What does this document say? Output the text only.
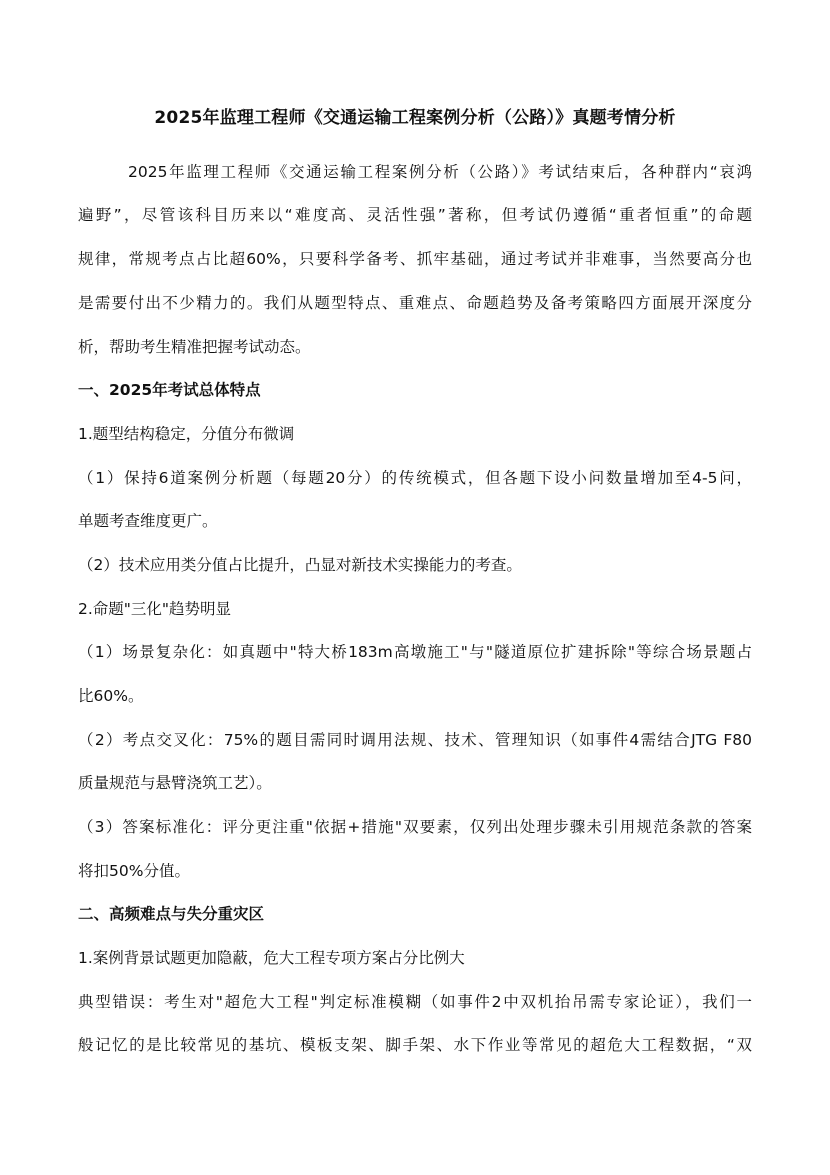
2025年监理工程师《交通运输工程案例分析（公路）》真题考情分析
2025年监理工程师《交通运输工程案例分析（公路）》考试结束后，各种群内“哀鸿
遍野”，尽管该科目历来以“难度高、灵活性强”著称，但考试仍遵循“重者恒重”的命题
规律，常规考点占比超60%，只要科学备考、抓牢基础，通过考试并非难事，当然要高分也
是需要付出不少精力的。我们从题型特点、重难点、命题趋势及备考策略四方面展开深度分
析，帮助考生精准把握考试动态。
一、2025年考试总体特点
1.题型结构稳定，分值分布微调
（1）保持6道案例分析题（每题20分）的传统模式，但各题下设小问数量增加至4-5问，
单题考查维度更广。
（2）技术应用类分值占比提升，凸显对新技术实操能力的考查。
2.命题"三化"趋势明显
（1）场景复杂化：如真题中"特大桥183m高墩施工"与"隧道原位扩建拆除"等综合场景题占
比60%。
（2）考点交叉化：75%的题目需同时调用法规、技术、管理知识（如事件4需结合JTG F80
质量规范与悬臂浇筑工艺）。
（3）答案标准化：评分更注重"依据+措施"双要素，仅列出处理步骤未引用规范条款的答案
将扣50%分值。
二、高频难点与失分重灾区
1.案例背景试题更加隐蔽，危大工程专项方案占分比例大
典型错误：考生对"超危大工程"判定标准模糊（如事件2中双机抬吊需专家论证），我们一
般记忆的是比较常见的基坑、模板支架、脚手架、水下作业等常见的超危大工程数据，“双
